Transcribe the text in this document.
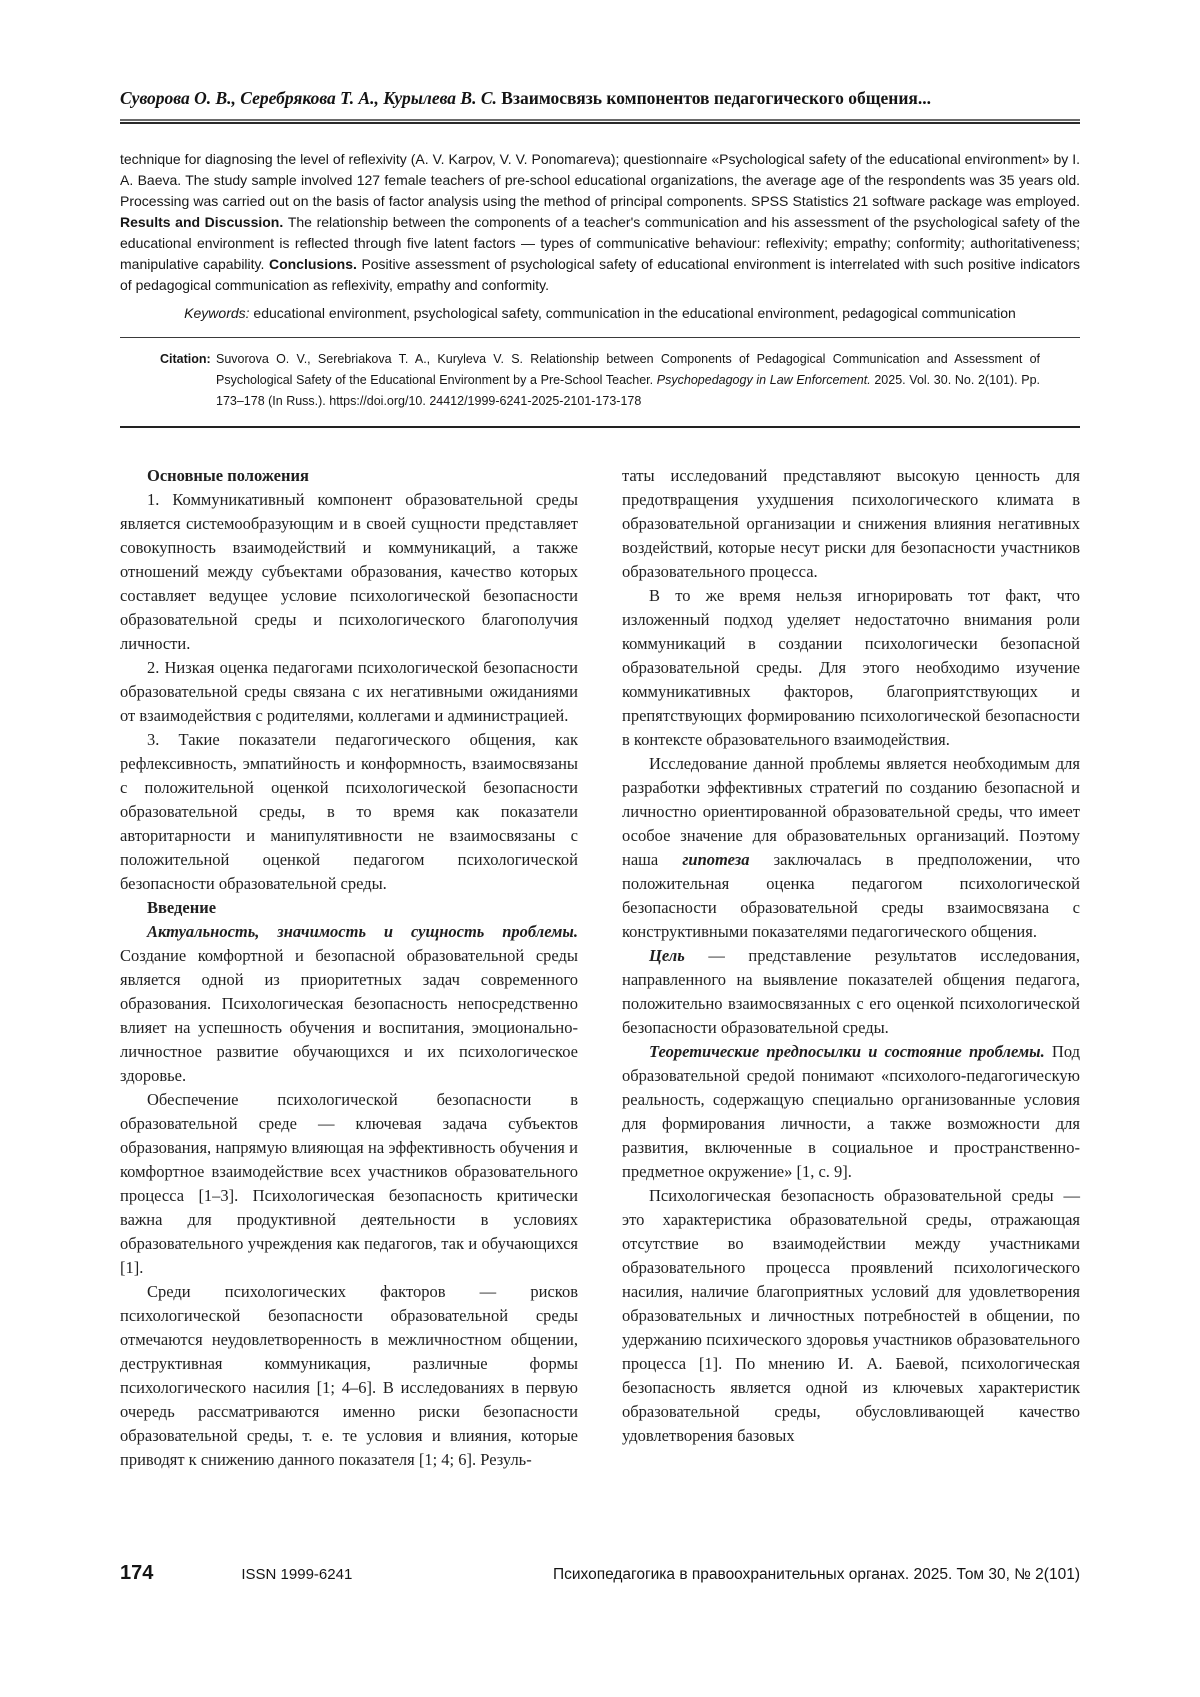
Суворова О. В., Серебрякова Т. А., Курылева В. С. Взаимосвязь компонентов педагогического общения...
technique for diagnosing the level of reflexivity (A. V. Karpov, V. V. Ponomareva); questionnaire «Psychological safety of the educational environment» by I. A. Baeva. The study sample involved 127 female teachers of pre-school educational organizations, the average age of the respondents was 35 years old. Processing was carried out on the basis of factor analysis using the method of principal components. SPSS Statistics 21 software package was employed. Results and Discussion. The relationship between the components of a teacher's communication and his assessment of the psychological safety of the educational environment is reflected through five latent factors — types of communicative behaviour: reflexivity; empathy; conformity; authoritativeness; manipulative capability. Conclusions. Positive assessment of psychological safety of educational environment is interrelated with such positive indicators of pedagogical communication as reflexivity, empathy and conformity.
Keywords: educational environment, psychological safety, communication in the educational environment, pedagogical communication
Citation: Suvorova O. V., Serebriakova T. A., Kuryleva V. S. Relationship between Components of Pedagogical Communication and Assessment of Psychological Safety of the Educational Environment by a Pre-School Teacher. Psychopedagogy in Law Enforcement. 2025. Vol. 30. No. 2(101). Pp. 173–178 (In Russ.). https://doi.org/10. 24412/1999-6241-2025-2101-173-178
Основные положения

1. Коммуникативный компонент образовательной среды является системообразующим и в своей сущности представляет совокупность взаимодействий и коммуникаций, а также отношений между субъектами образования, качество которых составляет ведущее условие психологической безопасности образовательной среды и психологического благополучия личности.

2. Низкая оценка педагогами психологической безопасности образовательной среды связана с их негативными ожиданиями от взаимодействия с родителями, коллегами и администрацией.

3. Такие показатели педагогического общения, как рефлексивность, эмпатийность и конформность, взаимосвязаны с положительной оценкой психологической безопасности образовательной среды, в то время как показатели авторитарности и манипулятивности не взаимосвязаны с положительной оценкой педагогом психологической безопасности образовательной среды.

Введение

Актуальность, значимость и сущность проблемы. Создание комфортной и безопасной образовательной среды является одной из приоритетных задач современного образования. Психологическая безопасность непосредственно влияет на успешность обучения и воспитания, эмоционально-личностное развитие обучающихся и их психологическое здоровье.

Обеспечение психологической безопасности в образовательной среде — ключевая задача субъектов образования, напрямую влияющая на эффективность обучения и комфортное взаимодействие всех участников образовательного процесса [1–3]. Психологическая безопасность критически важна для продуктивной деятельности в условиях образовательного учреждения как педагогов, так и обучающихся [1].

Среди психологических факторов — рисков психологической безопасности образовательной среды отмечаются неудовлетворенность в межличностном общении, деструктивная коммуникация, различные формы психологического насилия [1; 4–6]. В исследованиях в первую очередь рассматриваются именно риски безопасности образовательной среды, т. е. те условия и влияния, которые приводят к снижению данного показателя [1; 4; 6]. Резуль-

таты исследований представляют высокую ценность для предотвращения ухудшения психологического климата в образовательной организации и снижения влияния негативных воздействий, которые несут риски для безопасности участников образовательного процесса.

В то же время нельзя игнорировать тот факт, что изложенный подход уделяет недостаточно внимания роли коммуникаций в создании психологически безопасной образовательной среды. Для этого необходимо изучение коммуникативных факторов, благоприятствующих и препятствующих формированию психологической безопасности в контексте образовательного взаимодействия.

Исследование данной проблемы является необходимым для разработки эффективных стратегий по созданию безопасной и личностно ориентированной образовательной среды, что имеет особое значение для образовательных организаций. Поэтому наша гипотеза заключалась в предположении, что положительная оценка педагогом психологической безопасности образовательной среды взаимосвязана с конструктивными показателями педагогического общения.

Цель — представление результатов исследования, направленного на выявление показателей общения педагога, положительно взаимосвязанных с его оценкой психологической безопасности образовательной среды.

Теоретические предпосылки и состояние проблемы. Под образовательной средой понимают «психолого-педагогическую реальность, содержащую специально организованные условия для формирования личности, а также возможности для развития, включенные в социальное и пространственно-предметное окружение» [1, с. 9].

Психологическая безопасность образовательной среды — это характеристика образовательной среды, отражающая отсутствие во взаимодействии между участниками образовательного процесса проявлений психологического насилия, наличие благоприятных условий для удовлетворения образовательных и личностных потребностей в общении, по удержанию психического здоровья участников образовательного процесса [1]. По мнению И. А. Баевой, психологическая безопасность является одной из ключевых характеристик образовательной среды, обусловливающей качество удовлетворения базовых

174	ISSN 1999-6241	Психопедагогика в правоохранительных органах. 2025. Том 30, № 2(101)
